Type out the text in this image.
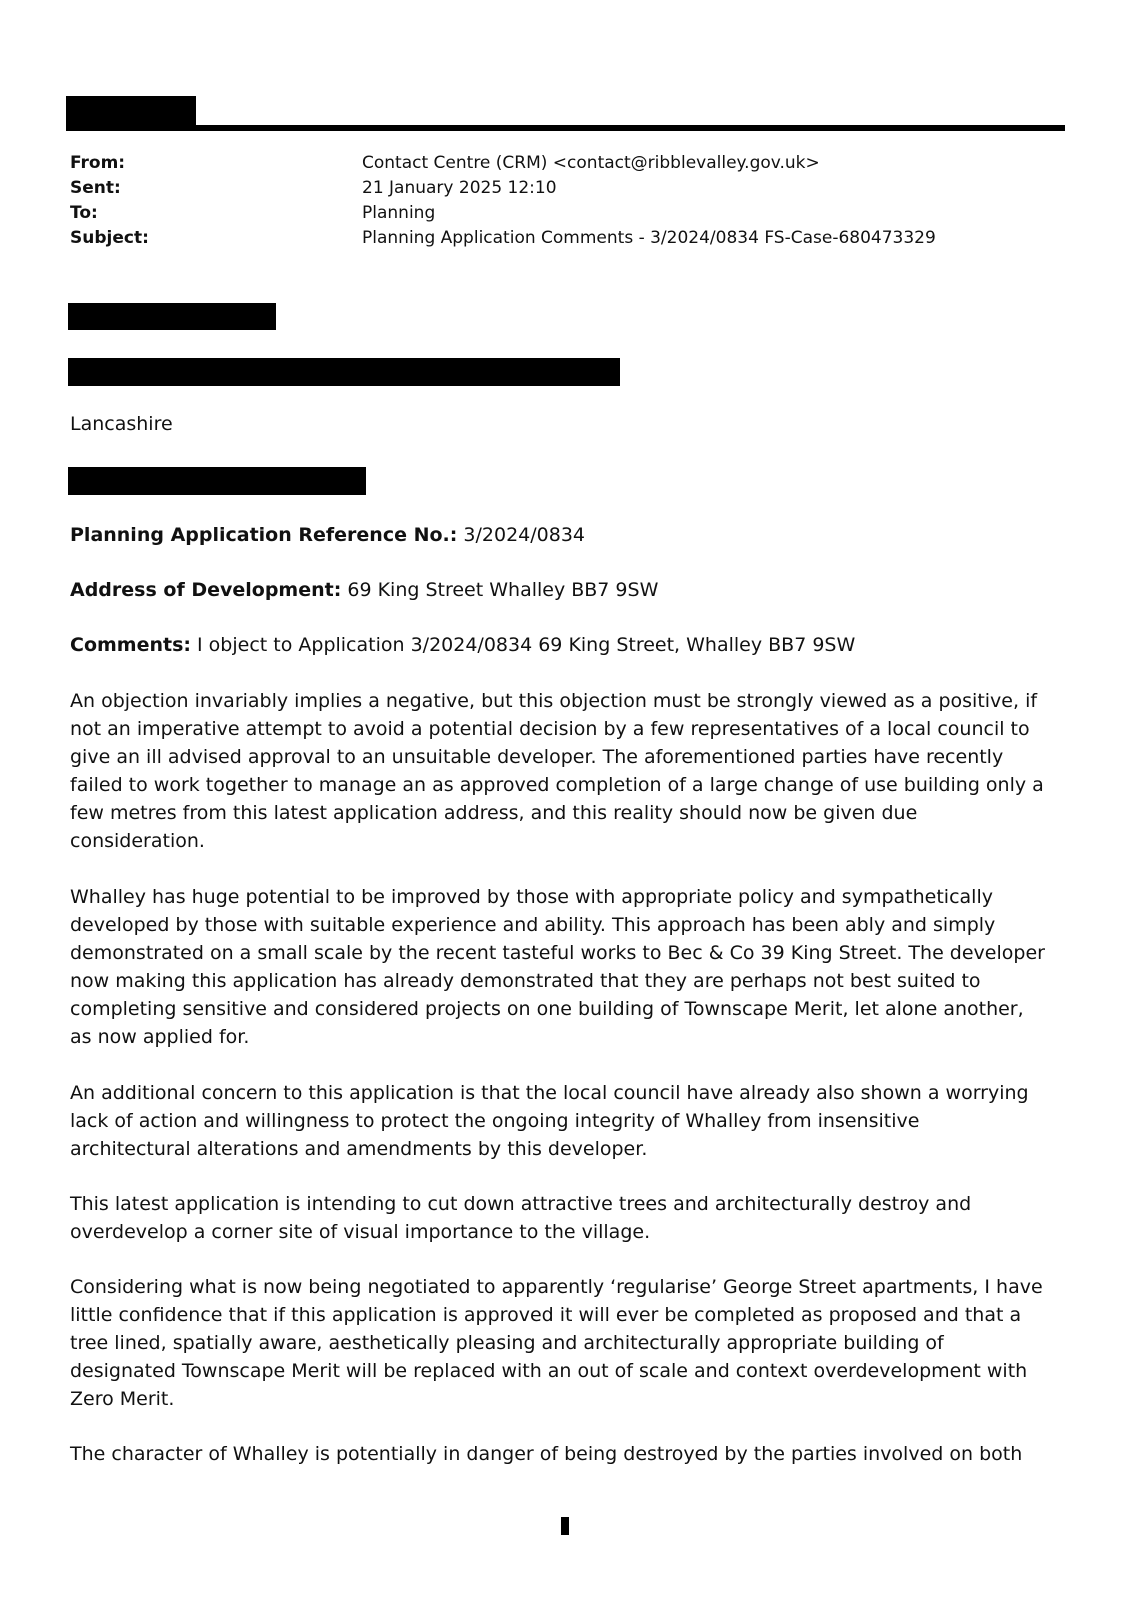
From:	Contact Centre (CRM) <contact@ribblevalley.gov.uk>
Sent:	21 January 2025 12:10
To:	Planning
Subject:	Planning Application Comments - 3/2024/0834 FS-Case-680473329
Lancashire
Planning Application Reference No.: 3/2024/0834
Address of Development: 69 King Street Whalley BB7 9SW
Comments: I object to Application 3/2024/0834 69 King Street, Whalley BB7 9SW
An objection invariably implies a negative, but this objection must be strongly viewed as a positive, if
not an imperative attempt to avoid a potential decision by a few representatives of a local council to
give an ill advised approval to an unsuitable developer. The aforementioned parties have recently
failed to work together to manage an as approved completion of a large change of use building only a
few metres from this latest application address, and this reality should now be given due
consideration.
Whalley has huge potential to be improved by those with appropriate policy and sympathetically
developed by those with suitable experience and ability. This approach has been ably and simply
demonstrated on a small scale by the recent tasteful works to Bec & Co 39 King Street. The developer
now making this application has already demonstrated that they are perhaps not best suited to
completing sensitive and considered projects on one building of Townscape Merit, let alone another,
as now applied for.
An additional concern to this application is that the local council have already also shown a worrying
lack of action and willingness to protect the ongoing integrity of Whalley from insensitive
architectural alterations and amendments by this developer.
This latest application is intending to cut down attractive trees and architecturally destroy and
overdevelop a corner site of visual importance to the village.
Considering what is now being negotiated to apparently ‘regularise’ George Street apartments, I have
little confidence that if this application is approved it will ever be completed as proposed and that a
tree lined, spatially aware, aesthetically pleasing and architecturally appropriate building of
designated Townscape Merit will be replaced with an out of scale and context overdevelopment with
Zero Merit.
The character of Whalley is potentially in danger of being destroyed by the parties involved on both
